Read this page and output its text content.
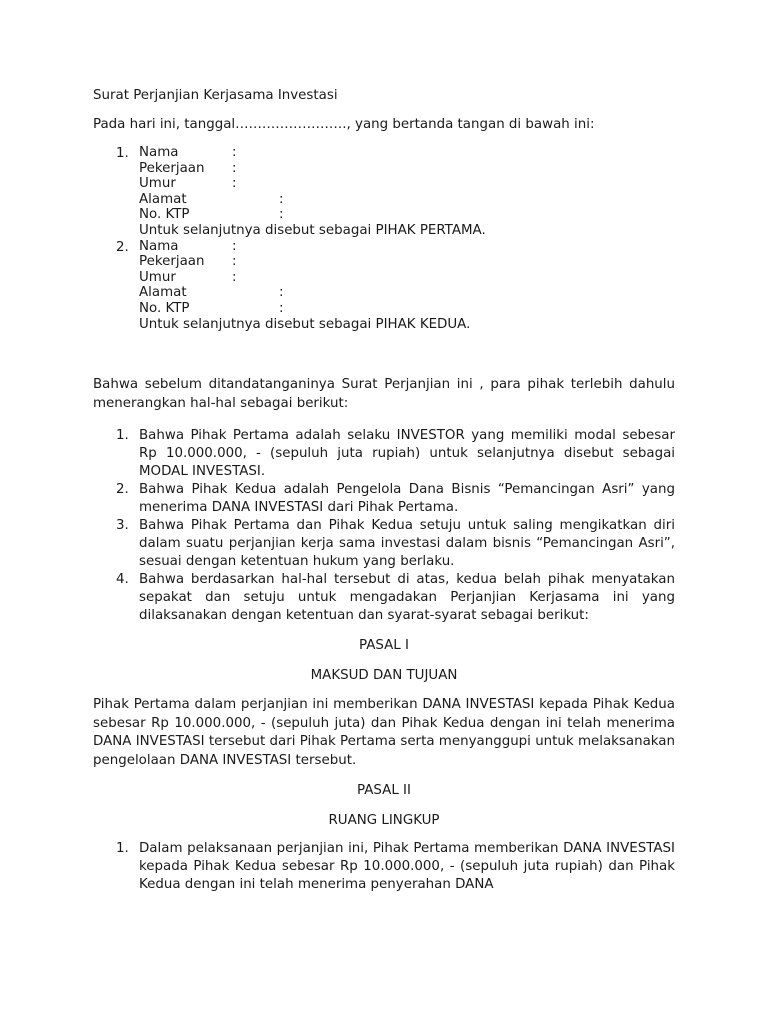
Surat Perjanjian Kerjasama Investasi
Pada hari ini, tanggal……………………., yang bertanda tangan di bawah ini:
1. Nama	:
Pekerjaan :
Umur	:
Alamat	:
No. KTP	:
Untuk selanjutnya disebut sebagai PIHAK PERTAMA.
2. Nama	:
Pekerjaan :
Umur	:
Alamat	:
No. KTP	:
Untuk selanjutnya disebut sebagai PIHAK KEDUA.
Bahwa sebelum ditandatanganinya Surat Perjanjian ini , para pihak terlebih dahulu menerangkan hal-hal sebagai berikut:
1. Bahwa Pihak Pertama adalah selaku INVESTOR yang memiliki modal sebesar Rp 10.000.000, - (sepuluh juta rupiah) untuk selanjutnya disebut sebagai MODAL INVESTASI.
2. Bahwa Pihak Kedua adalah Pengelola Dana Bisnis “Pemancingan Asri” yang menerima DANA INVESTASI dari Pihak Pertama.
3. Bahwa Pihak Pertama dan Pihak Kedua setuju untuk saling mengikatkan diri dalam suatu perjanjian kerja sama investasi dalam bisnis “Pemancingan Asri”, sesuai dengan ketentuan hukum yang berlaku.
4. Bahwa berdasarkan hal-hal tersebut di atas, kedua belah pihak menyatakan sepakat dan setuju untuk mengadakan Perjanjian Kerjasama ini yang dilaksanakan dengan ketentuan dan syarat-syarat sebagai berikut:
PASAL I
MAKSUD DAN TUJUAN
Pihak Pertama dalam perjanjian ini memberikan DANA INVESTASI kepada Pihak Kedua sebesar Rp 10.000.000, - (sepuluh juta) dan Pihak Kedua dengan ini telah menerima DANA INVESTASI tersebut dari Pihak Pertama serta menyanggupi untuk melaksanakan pengelolaan DANA INVESTASI tersebut.
PASAL II
RUANG LINGKUP
1. Dalam pelaksanaan perjanjian ini, Pihak Pertama memberikan DANA INVESTASI kepada Pihak Kedua sebesar Rp 10.000.000, - (sepuluh juta rupiah) dan Pihak Kedua dengan ini telah menerima penyerahan DANA
